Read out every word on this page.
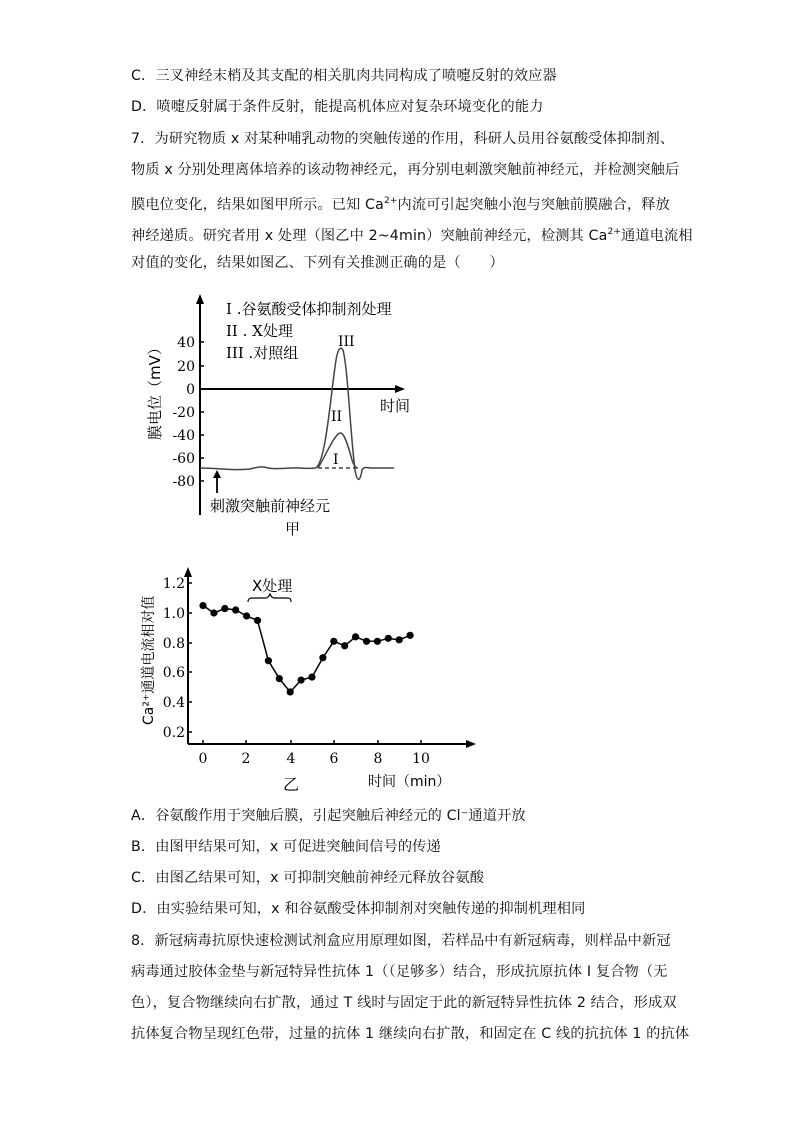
C．三叉神经末梢及其支配的相关肌肉共同构成了喷嚏反射的效应器
D．喷嚏反射属于条件反射，能提高机体应对复杂环境变化的能力
7．为研究物质 x 对某种哺乳动物的突触传递的作用，科研人员用谷氨酸受体抑制剂、
物质 x 分别处理离体培养的该动物神经元，再分别电刺激突触前神经元，并检测突触后
膜电位变化，结果如图甲所示。已知 $Ca^{2+}$内流可引起突触小泡与突触前膜融合，释放
神经递质。研究者用 x 处理（图乙中 2~4min）突触前神经元，检测其 $Ca^{2+}$通道电流相
对值的变化，结果如图乙、下列有关推测正确的是（　　）
I .谷氨酸受体抑制剂处理
II . X处理
III .对照组
时间
40
20
0
-20
-40
-60
-80
膜电位（mV）	III
II
I
刺激突触前神经元
甲
0.2
0.4
0.6
0.8
1.0
1.2
0 2	4 6	8 10
Ca²⁺通道电流相对值
时间（min）
乙
X处理
A．谷氨酸作用于突触后膜，引起突触后神经元的 Cl⁻通道开放
B．由图甲结果可知，x 可促进突触间信号的传递
C．由图乙结果可知，x 可抑制突触前神经元释放谷氨酸
D．由实验结果可知，x 和谷氨酸受体抑制剂对突触传递的抑制机理相同
8．新冠病毒抗原快速检测试剂盒应用原理如图，若样品中有新冠病毒，则样品中新冠
病毒通过胶体金垫与新冠特异性抗体 1（（足够多）结合，形成抗原抗体 I 复合物（无
色），复合物继续向右扩散，通过 T 线时与固定于此的新冠特异性抗体 2 结合，形成双
抗体复合物呈现红色带，过量的抗体 1 继续向右扩散，和固定在 C 线的抗抗体 1 的抗体
